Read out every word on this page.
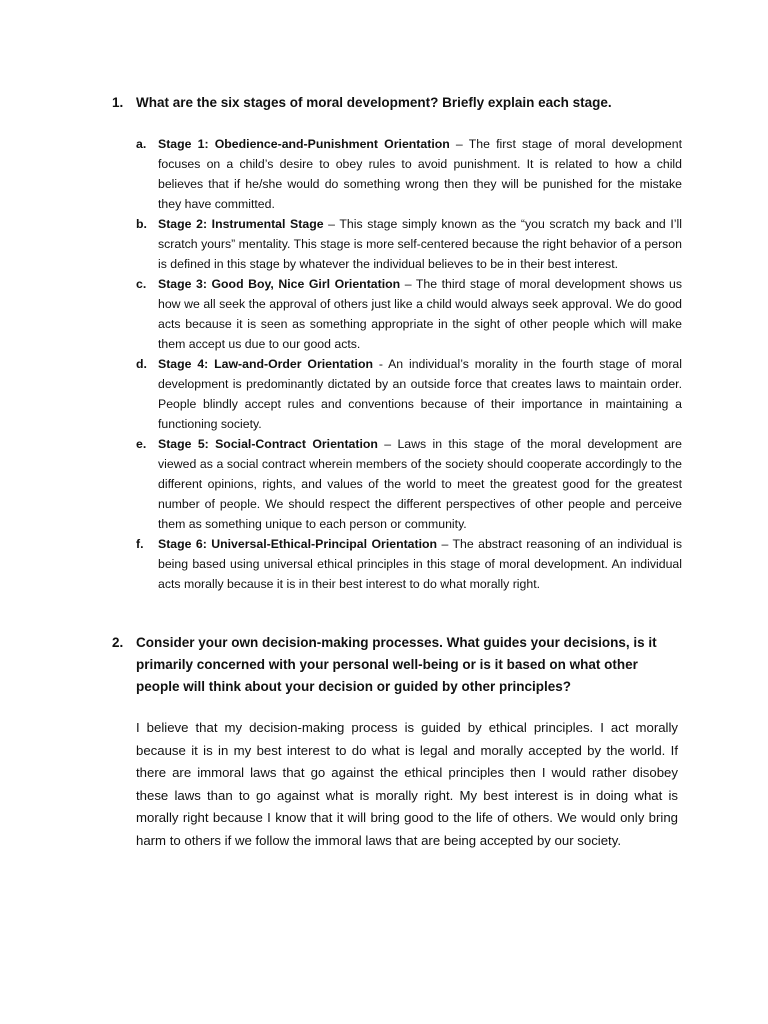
1. What are the six stages of moral development? Briefly explain each stage.
a. Stage 1: Obedience-and-Punishment Orientation – The first stage of moral development focuses on a child’s desire to obey rules to avoid punishment. It is related to how a child believes that if he/she would do something wrong then they will be punished for the mistake they have committed.
b. Stage 2: Instrumental Stage – This stage simply known as the “you scratch my back and I’ll scratch yours” mentality. This stage is more self-centered because the right behavior of a person is defined in this stage by whatever the individual believes to be in their best interest.
c. Stage 3: Good Boy, Nice Girl Orientation – The third stage of moral development shows us how we all seek the approval of others just like a child would always seek approval. We do good acts because it is seen as something appropriate in the sight of other people which will make them accept us due to our good acts.
d. Stage 4: Law-and-Order Orientation - An individual’s morality in the fourth stage of moral development is predominantly dictated by an outside force that creates laws to maintain order. People blindly accept rules and conventions because of their importance in maintaining a functioning society.
e. Stage 5: Social-Contract Orientation – Laws in this stage of the moral development are viewed as a social contract wherein members of the society should cooperate accordingly to the different opinions, rights, and values of the world to meet the greatest good for the greatest number of people. We should respect the different perspectives of other people and perceive them as something unique to each person or community.
f. Stage 6: Universal-Ethical-Principal Orientation – The abstract reasoning of an individual is being based using universal ethical principles in this stage of moral development. An individual acts morally because it is in their best interest to do what morally right.
2. Consider your own decision-making processes. What guides your decisions, is it primarily concerned with your personal well-being or is it based on what other people will think about your decision or guided by other principles?

I believe that my decision-making process is guided by ethical principles. I act morally because it is in my best interest to do what is legal and morally accepted by the world. If there are immoral laws that go against the ethical principles then I would rather disobey these laws than to go against what is morally right. My best interest is in doing what is morally right because I know that it will bring good to the life of others. We would only bring harm to others if we follow the immoral laws that are being accepted by our society.
